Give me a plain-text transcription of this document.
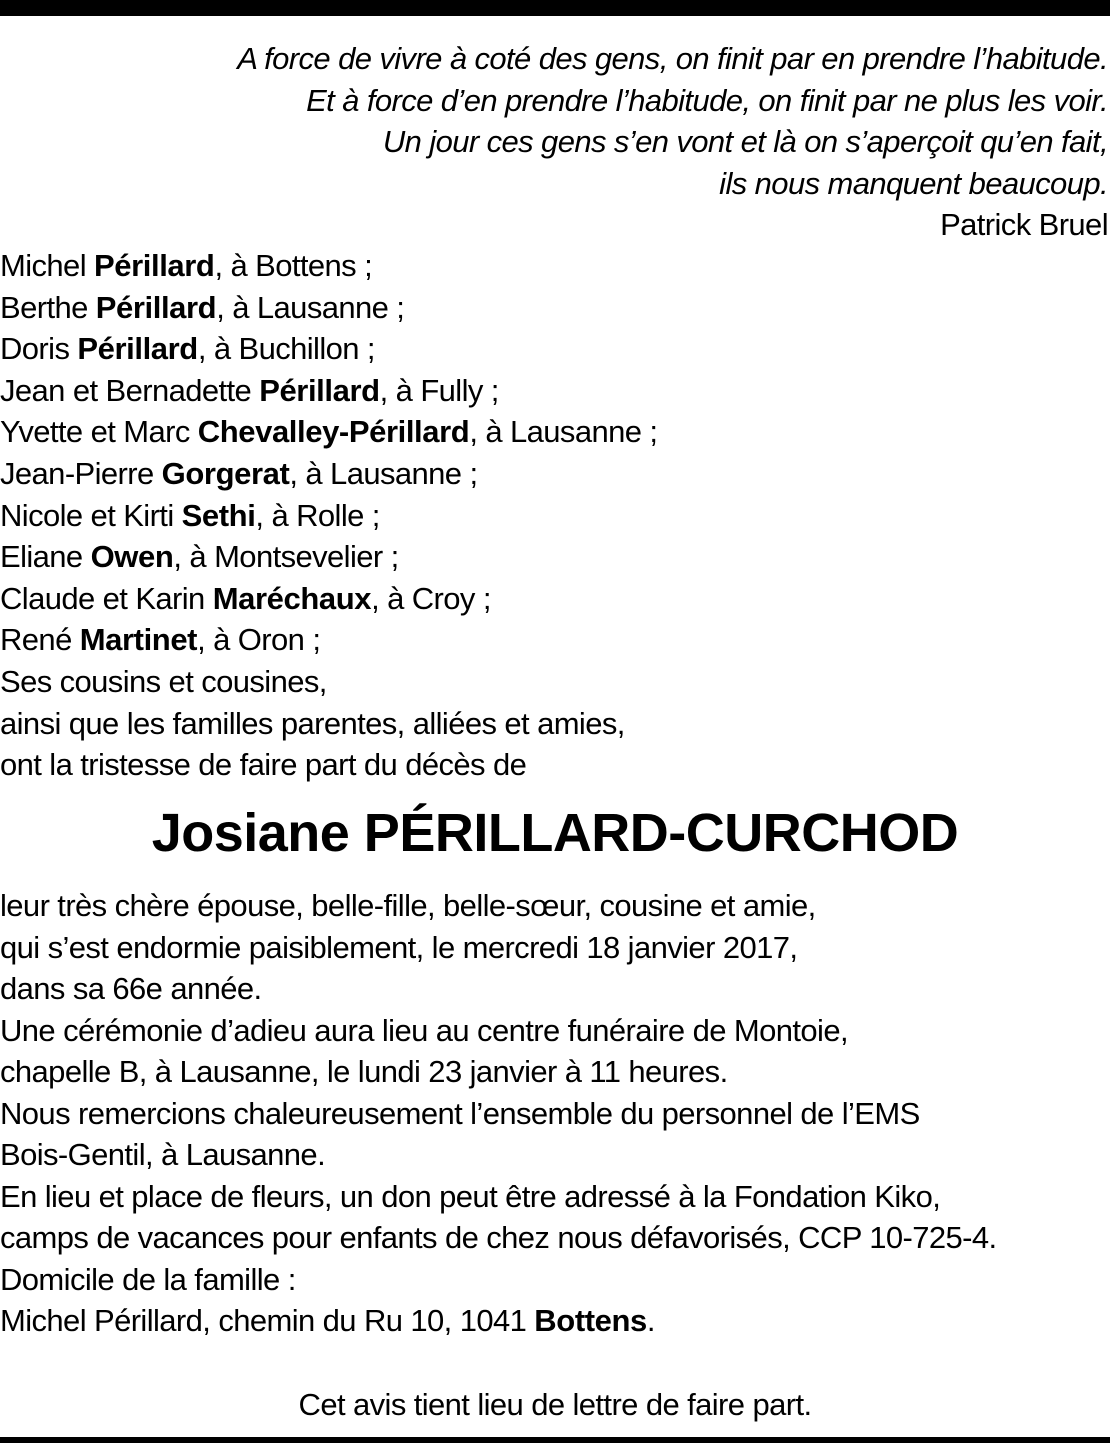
A force de vivre à coté des gens, on finit par en prendre l’habitude.
Et à force d’en prendre l’habitude, on finit par ne plus les voir.
Un jour ces gens s’en vont et là on s’aperçoit qu’en fait,
ils nous manquent beaucoup.
Patrick Bruel
Michel Périllard, à Bottens ;
Berthe Périllard, à Lausanne ;
Doris Périllard, à Buchillon ;
Jean et Bernadette Périllard, à Fully ;
Yvette et Marc Chevalley-Périllard, à Lausanne ;
Jean-Pierre Gorgerat, à Lausanne ;
Nicole et Kirti Sethi, à Rolle ;
Eliane Owen, à Montsevelier ;
Claude et Karin Maréchaux, à Croy ;
René Martinet, à Oron ;
Ses cousins et cousines,
ainsi que les familles parentes, alliées et amies,
ont la tristesse de faire part du décès de
Josiane PÉRILLARD-CURCHOD
leur très chère épouse, belle-fille, belle-sœur, cousine et amie,
qui s’est endormie paisiblement, le mercredi 18 janvier 2017,
dans sa 66e année.
Une cérémonie d’adieu aura lieu au centre funéraire de Montoie,
chapelle B, à Lausanne, le lundi 23 janvier à 11 heures.
Nous remercions chaleureusement l’ensemble du personnel de l’EMS
Bois-Gentil, à Lausanne.
En lieu et place de fleurs, un don peut être adressé à la Fondation Kiko,
camps de vacances pour enfants de chez nous défavorisés, CCP 10-725-4.
Domicile de la famille :
Michel Périllard, chemin du Ru 10, 1041 Bottens.
Cet avis tient lieu de lettre de faire part.
